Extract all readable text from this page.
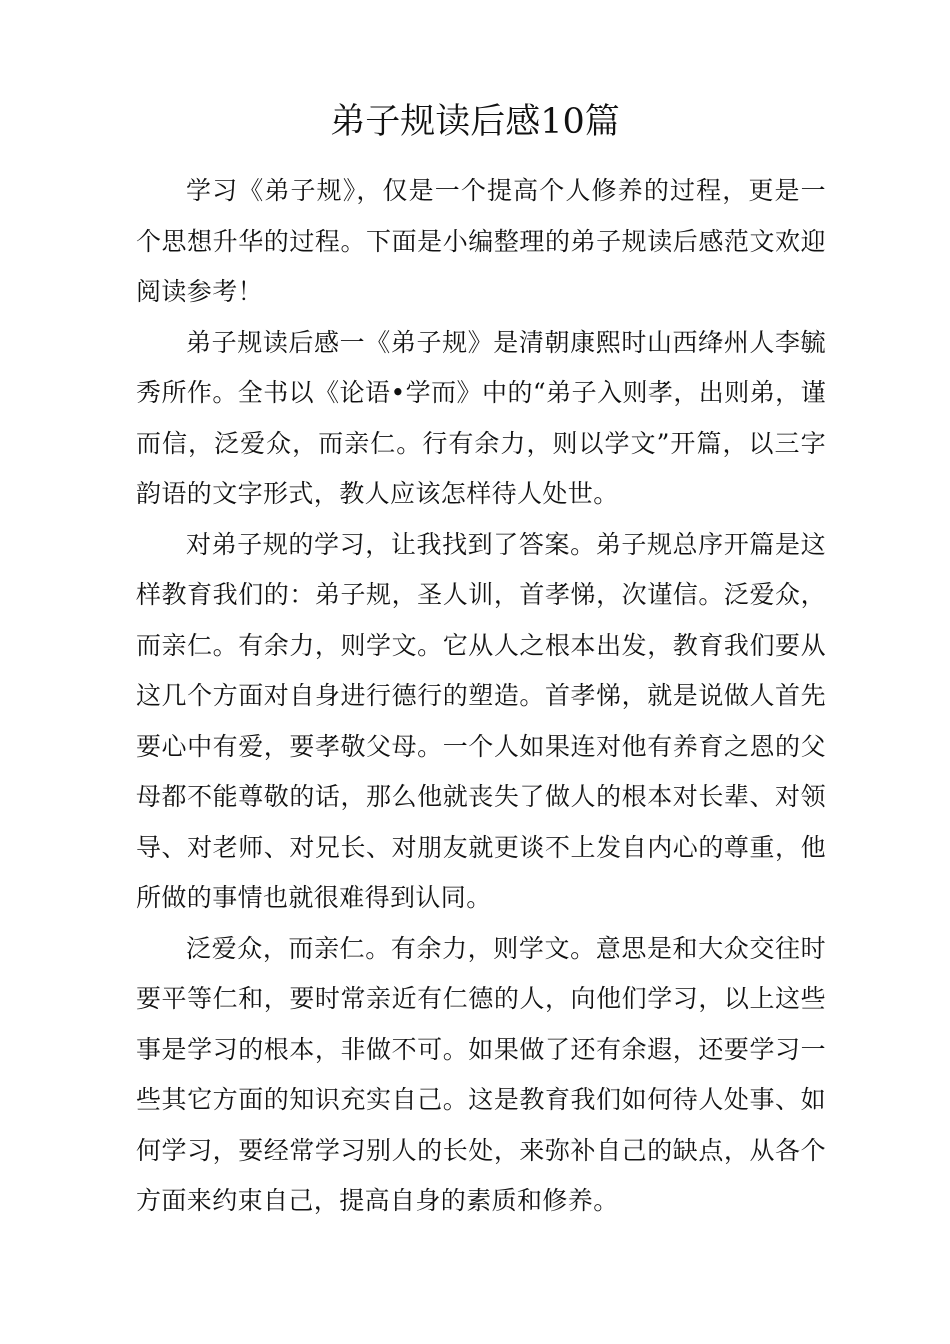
弟子规读后感10篇

学习《弟子规》，仅是一个提高个人修养的过程，更是一个思想升华的过程。下面是小编整理的弟子规读后感范文欢迎阅读参考！

弟子规读后感一《弟子规》是清朝康熙时山西绛州人李毓秀所作。全书以《论语•学而》中的“弟子入则孝，出则弟，谨而信，泛爱众，而亲仁。行有余力，则以学文”开篇，以三字韵语的文字形式，教人应该怎样待人处世。

对弟子规的学习，让我找到了答案。弟子规总序开篇是这样教育我们的：弟子规，圣人训，首孝悌，次谨信。泛爱众，而亲仁。有余力，则学文。它从人之根本出发，教育我们要从这几个方面对自身进行德行的塑造。首孝悌，就是说做人首先要心中有爱，要孝敬父母。一个人如果连对他有养育之恩的父母都不能尊敬的话，那么他就丧失了做人的根本对长辈、对领导、对老师、对兄长、对朋友就更谈不上发自内心的尊重，他所做的事情也就很难得到认同。

泛爱众，而亲仁。有余力，则学文。意思是和大众交往时要平等仁和，要时常亲近有仁德的人，向他们学习，以上这些事是学习的根本，非做不可。如果做了还有余遐，还要学习一些其它方面的知识充实自己。这是教育我们如何待人处事、如何学习，要经常学习别人的长处，来弥补自己的缺点，从各个方面来约束自己，提高自身的素质和修养。
